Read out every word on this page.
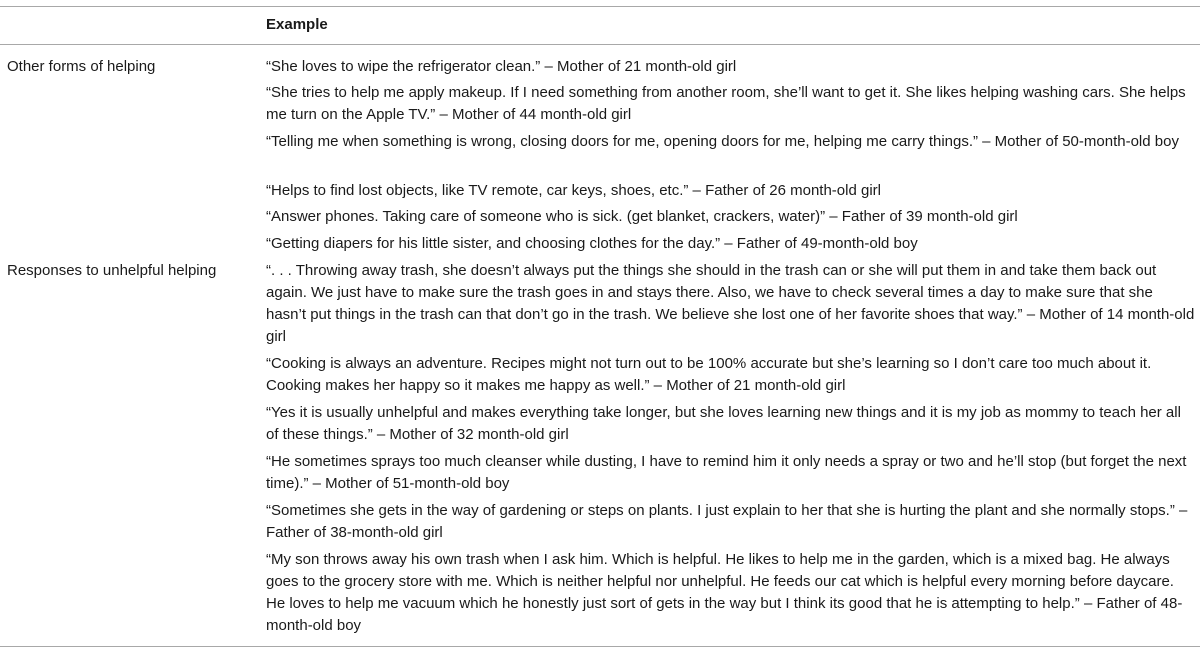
Example
Other forms of helping
Responses to unhelpful helping
“She loves to wipe the refrigerator clean.” – Mother of 21 month-old girl
“She tries to help me apply makeup. If I need something from another room, she’ll want to get it. She likes helping washing cars. She helps me turn on the Apple TV.” – Mother of 44 month-old girl
“Telling me when something is wrong, closing doors for me, opening doors for me, helping me carry things.” – Mother of 50-month-old boy
“Helps to find lost objects, like TV remote, car keys, shoes, etc.” – Father of 26 month-old girl
“Answer phones. Taking care of someone who is sick. (get blanket, crackers, water)” – Father of 39 month-old girl
“Getting diapers for his little sister, and choosing clothes for the day.” – Father of 49-month-old boy
“. . . Throwing away trash, she doesn’t always put the things she should in the trash can or she will put them in and take them back out again. We just have to make sure the trash goes in and stays there. Also, we have to check several times a day to make sure that she hasn’t put things in the trash can that don’t go in the trash. We believe she lost one of her favorite shoes that way.” – Mother of 14 month-old girl
“Cooking is always an adventure. Recipes might not turn out to be 100% accurate but she’s learning so I don’t care too much about it. Cooking makes her happy so it makes me happy as well.” – Mother of 21 month-old girl
“Yes it is usually unhelpful and makes everything take longer, but she loves learning new things and it is my job as mommy to teach her all of these things.” – Mother of 32 month-old girl
“He sometimes sprays too much cleanser while dusting, I have to remind him it only needs a spray or two and he’ll stop (but forget the next time).” – Mother of 51-month-old boy
“Sometimes she gets in the way of gardening or steps on plants. I just explain to her that she is hurting the plant and she normally stops.” – Father of 38-month-old girl
“My son throws away his own trash when I ask him. Which is helpful. He likes to help me in the garden, which is a mixed bag. He always goes to the grocery store with me. Which is neither helpful nor unhelpful. He feeds our cat which is helpful every morning before daycare. He loves to help me vacuum which he honestly just sort of gets in the way but I think its good that he is attempting to help.” – Father of 48-month-old boy
